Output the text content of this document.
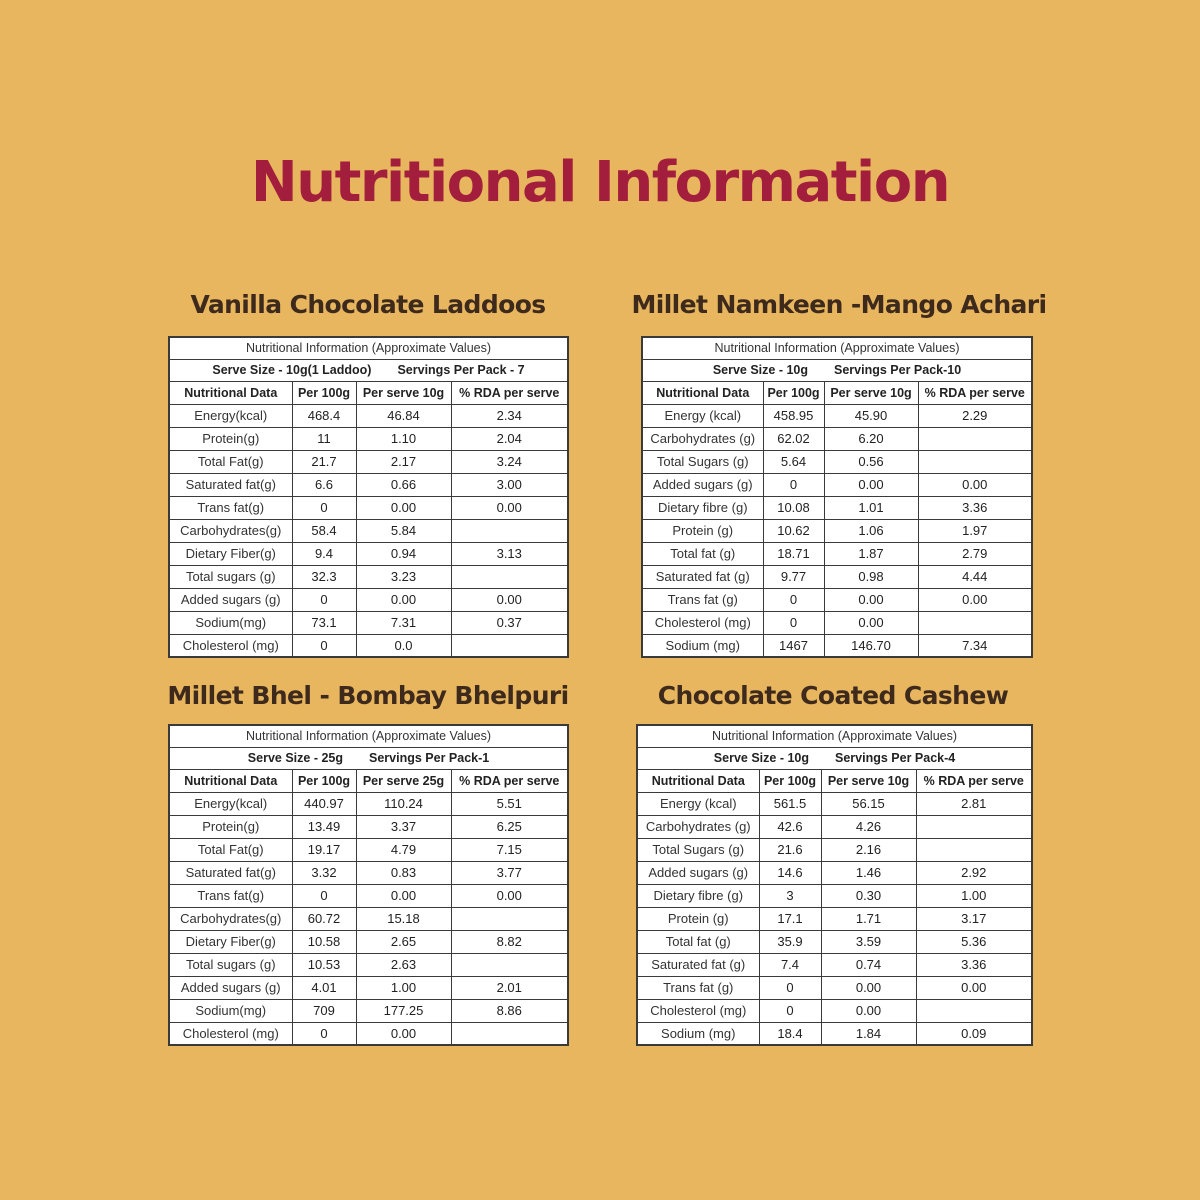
Nutritional Information
Vanilla Chocolate Laddoos
Nutritional Information (Approximate Values)			
Serve Size - 10g(1 Laddoo) Servings Per Pack - 7			
Nutritional Data	Per 100g	Per serve 10g	% RDA per serve
Energy(kcal)	468.4	46.84	2.34
Protein(g)	11	1.10	2.04
Total Fat(g)	21.7	2.17	3.24
Saturated fat(g)	6.6	0.66	3.00
Trans fat(g)	0	0.00	0.00
Carbohydrates(g)	58.4	5.84	
Dietary Fiber(g)	9.4	0.94	3.13
Total sugars (g)	32.3	3.23	
Added sugars (g)	0	0.00	0.00
Sodium(mg)	73.1	7.31	0.37
Cholesterol (mg)	0	0.0	
Millet Namkeen -Mango Achari
Nutritional Information (Approximate Values)			
Serve Size - 10g Servings Per Pack-10			
Nutritional Data	Per 100g	Per serve 10g	% RDA per serve
Energy (kcal)	458.95	45.90	2.29
Carbohydrates (g)	62.02	6.20	
Total Sugars (g)	5.64	0.56	
Added sugars (g)	0	0.00	0.00
Dietary fibre (g)	10.08	1.01	3.36
Protein (g)	10.62	1.06	1.97
Total fat (g)	18.71	1.87	2.79
Saturated fat (g)	9.77	0.98	4.44
Trans fat (g)	0	0.00	0.00
Cholesterol (mg)	0	0.00	
Sodium (mg)	1467	146.70	7.34
Millet Bhel - Bombay Bhelpuri
Nutritional Information (Approximate Values)			
Serve Size - 25g Servings Per Pack-1			
Nutritional Data	Per 100g	Per serve 25g	% RDA per serve
Energy(kcal)	440.97	110.24	5.51
Protein(g)	13.49	3.37	6.25
Total Fat(g)	19.17	4.79	7.15
Saturated fat(g)	3.32	0.83	3.77
Trans fat(g)	0	0.00	0.00
Carbohydrates(g)	60.72	15.18	
Dietary Fiber(g)	10.58	2.65	8.82
Total sugars (g)	10.53	2.63	
Added sugars (g)	4.01	1.00	2.01
Sodium(mg)	709	177.25	8.86
Cholesterol (mg)	0	0.00	
Chocolate Coated Cashew
Nutritional Information (Approximate Values)			
Serve Size - 10g Servings Per Pack-4			
Nutritional Data	Per 100g	Per serve 10g	% RDA per serve
Energy (kcal)	561.5	56.15	2.81
Carbohydrates (g)	42.6	4.26	
Total Sugars (g)	21.6	2.16	
Added sugars (g)	14.6	1.46	2.92
Dietary fibre (g)	3	0.30	1.00
Protein (g)	17.1	1.71	3.17
Total fat (g)	35.9	3.59	5.36
Saturated fat (g)	7.4	0.74	3.36
Trans fat (g)	0	0.00	0.00
Cholesterol (mg)	0	0.00	
Sodium (mg)	18.4	1.84	0.09
